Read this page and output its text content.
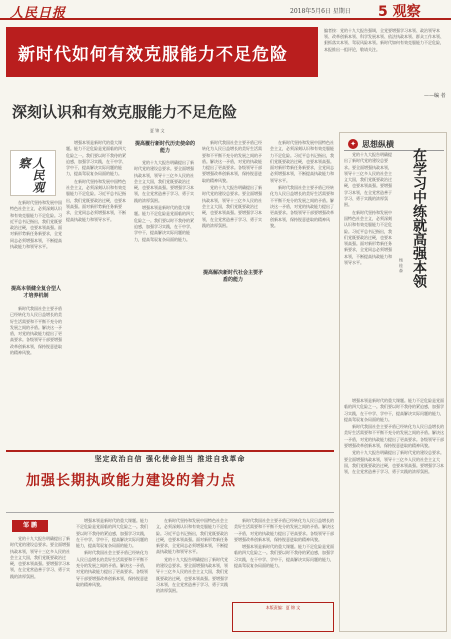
人民日报	2018年5月6日 星期日 5 观察
新时代如何有效克服能力不足危险
编者按：党的十九大报告强调，全党要增强学习本领、政治领导本领、改革创新本领、科学发展本领、依法执政本领、群众工作本领、狠抓落实本领、驾驭风险本领。新时代如何有效克服能力不足危险，本报推出一组评论，敬请关注。
——编 者
深刻认识和有效克服能力不足危险
夏 锦 文
人民观察

在新时代坚持和发展中国特色社会主义，必须深刻认识和有效克服能力不足危险。习近平总书记指出，我们党既要政治过硬，也要本领高强。面对新形势新任务新要求，全党同志必须增强本领，不断提高执政能力和领导水平。

提高本领健全复合型人才培养机制

新时代我国社会主要矛盾已经转化为人民日益增长的美好生活需要和不平衡不充分的发展之间的矛盾。解决这一矛盾，对党的执政能力提出了更高要求。各级领导干部要增强改革创新本领，保持锐意进取的精神风貌。

增强本领是新时代的重大课题。能力不足危险是党面临的四大危险之一。我们要以时不我待的紧迫感，加强学习实践，在干中学、学中干，提高解决实际问题的能力，提高驾驭复杂局面的能力。

在新时代坚持和发展中国特色社会主义，必须深刻认识和有效克服能力不足危险。习近平总书记指出，我们党既要政治过硬，也要本领高强。面对新形势新任务新要求，全党同志必须增强本领，不断提高执政能力和领导水平。

提高履行新时代历史使命的能力

党的十九大报告明确提出了新时代党的建设总要求。要全面增强执政本领，领导十三亿多人民的社会主义大国，我们党既要政治过硬，也要本领高强。要增强学习本领，在全党营造善于学习、勇于实践的浓厚氛围。

增强本领是新时代的重大课题。能力不足危险是党面临的四大危险之一。我们要以时不我待的紧迫感，加强学习实践，在干中学、学中干，提高解决实际问题的能力，提高驾驭复杂局面的能力。

新时代我国社会主要矛盾已经转化为人民日益增长的美好生活需要和不平衡不充分的发展之间的矛盾。解决这一矛盾，对党的执政能力提出了更高要求。各级领导干部要增强改革创新本领，保持锐意进取的精神风貌。

党的十九大报告明确提出了新时代党的建设总要求。要全面增强执政本领，领导十三亿多人民的社会主义大国，我们党既要政治过硬，也要本领高强。要增强学习本领，在全党营造善于学习、勇于实践的浓厚氛围。

提高解决新时代社会主要矛盾的能力

在新时代坚持和发展中国特色社会主义，必须深刻认识和有效克服能力不足危险。习近平总书记指出，我们党既要政治过硬，也要本领高强。面对新形势新任务新要求，全党同志必须增强本领，不断提高执政能力和领导水平。

新时代我国社会主要矛盾已经转化为人民日益增长的美好生活需要和不平衡不充分的发展之间的矛盾。解决这一矛盾，对党的执政能力提出了更高要求。各级领导干部要增强改革创新本领，保持锐意进取的精神风貌。

✦ 思想纵横
在学习中练就高强本领
杨 桂 森

党的十九大报告明确提出了新时代党的建设总要求。要全面增强执政本领，领导十三亿多人民的社会主义大国，我们党既要政治过硬，也要本领高强。要增强学习本领，在全党营造善于学习、勇于实践的浓厚氛围。

在新时代坚持和发展中国特色社会主义，必须深刻认识和有效克服能力不足危险。习近平总书记指出，我们党既要政治过硬，也要本领高强。面对新形势新任务新要求，全党同志必须增强本领，不断提高执政能力和领导水平。

增强本领是新时代的重大课题。能力不足危险是党面临的四大危险之一。我们要以时不我待的紧迫感，加强学习实践，在干中学、学中干，提高解决实际问题的能力，提高驾驭复杂局面的能力。

新时代我国社会主要矛盾已经转化为人民日益增长的美好生活需要和不平衡不充分的发展之间的矛盾。解决这一矛盾，对党的执政能力提出了更高要求。各级领导干部要增强改革创新本领，保持锐意进取的精神风貌。

党的十九大报告明确提出了新时代党的建设总要求。要全面增强执政本领，领导十三亿多人民的社会主义大国，我们党既要政治过硬，也要本领高强。要增强学习本领，在全党营造善于学习、勇于实践的浓厚氛围。

坚定政治自信 强化使命担当 推进自我革命
加强长期执政能力建设的着力点
邹 鹏

党的十九大报告明确提出了新时代党的建设总要求。要全面增强执政本领，领导十三亿多人民的社会主义大国，我们党既要政治过硬，也要本领高强。要增强学习本领，在全党营造善于学习、勇于实践的浓厚氛围。

增强本领是新时代的重大课题。能力不足危险是党面临的四大危险之一。我们要以时不我待的紧迫感，加强学习实践，在干中学、学中干，提高解决实际问题的能力，提高驾驭复杂局面的能力。

新时代我国社会主要矛盾已经转化为人民日益增长的美好生活需要和不平衡不充分的发展之间的矛盾。解决这一矛盾，对党的执政能力提出了更高要求。各级领导干部要增强改革创新本领，保持锐意进取的精神风貌。

在新时代坚持和发展中国特色社会主义，必须深刻认识和有效克服能力不足危险。习近平总书记指出，我们党既要政治过硬，也要本领高强。面对新形势新任务新要求，全党同志必须增强本领，不断提高执政能力和领导水平。

党的十九大报告明确提出了新时代党的建设总要求。要全面增强执政本领，领导十三亿多人民的社会主义大国，我们党既要政治过硬，也要本领高强。要增强学习本领，在全党营造善于学习、勇于实践的浓厚氛围。

新时代我国社会主要矛盾已经转化为人民日益增长的美好生活需要和不平衡不充分的发展之间的矛盾。解决这一矛盾，对党的执政能力提出了更高要求。各级领导干部要增强改革创新本领，保持锐意进取的精神风貌。

增强本领是新时代的重大课题。能力不足危险是党面临的四大危险之一。我们要以时不我待的紧迫感，加强学习实践，在干中学、学中干，提高解决实际问题的能力，提高驾驭复杂局面的能力。

本版责编：夏 锦 文
